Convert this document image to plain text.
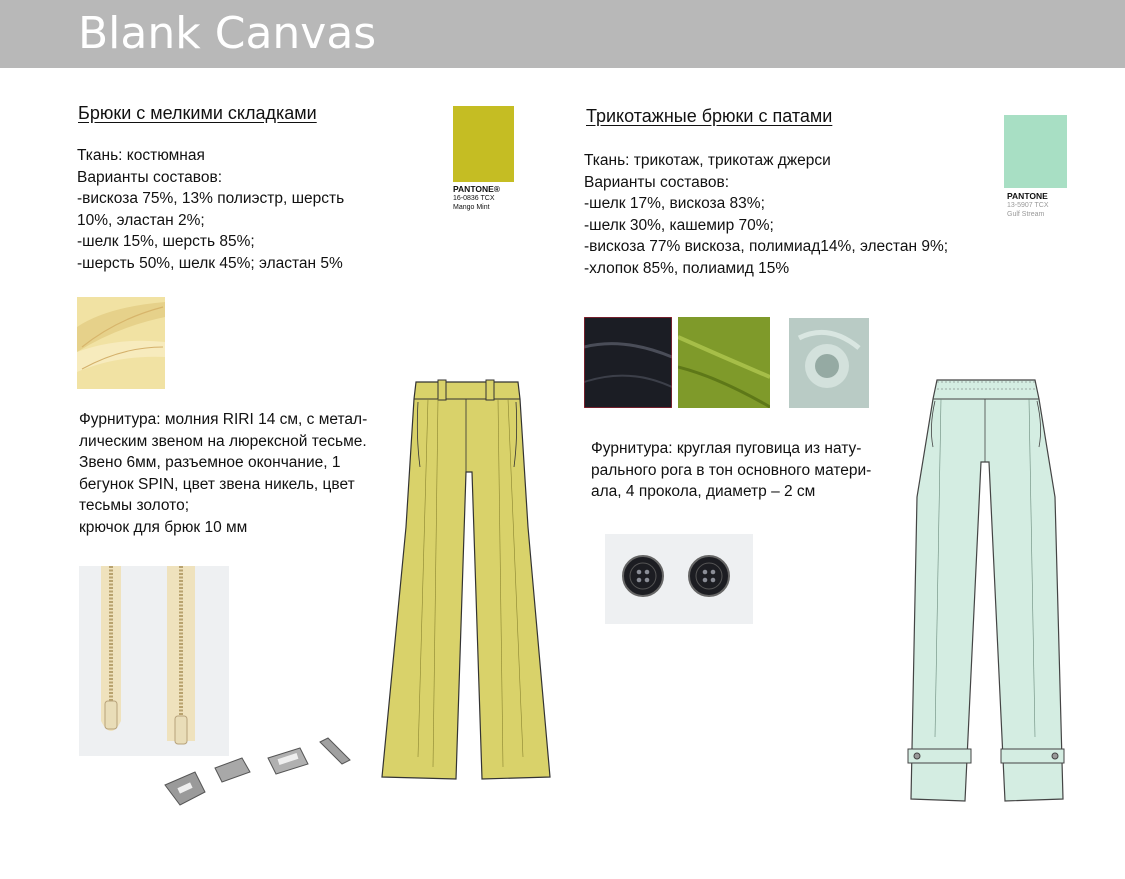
Blank Canvas
Брюки с мелкими складками
Ткань: костюмная
Варианты составов:
-вискоза 75%, 13% полиэстр, шерсть
10%, эластан 2%;
-шелк 15%, шерсть 85%;
-шерсть 50%, шелк 45%; эластан 5%
PANTONE®
16-0836 TCX
Mango Mint
Фурнитура: молния RIRI 14 см, с метал-
лическим звеном на люрексной тесьме.
Звено 6мм, разъемное окончание, 1
бегунок SPIN, цвет звена никель, цвет
тесьмы золото;
крючок для брюк 10 мм
Трикотажные брюки с патами
Ткань: трикотаж, трикотаж джерси
Варианты составов:
-шелк 17%, вискоза 83%;
-шелк 30%, кашемир 70%;
-вискоза 77% вискоза, полимиад14%, элестан 9%;
-хлопок 85%, полиамид 15%
PANTONE
13-5907 TCX
Gulf Stream
Фурнитура: круглая пуговица из нату-
рального рога в тон основного матери-
ала, 4 прокола, диаметр – 2 см
